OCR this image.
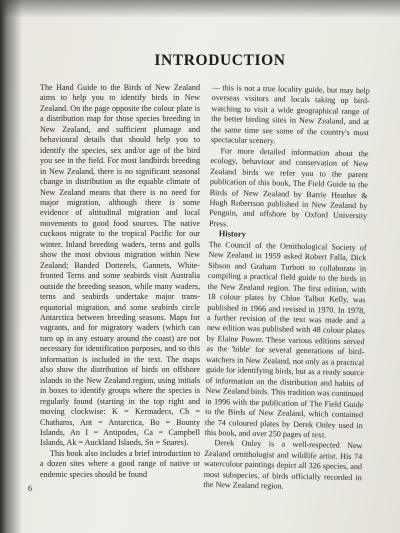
INTRODUCTION

The Hand Guide to the Birds of New Zealand aims to help you to identify birds in New Zealand. On the page opposite the colour plate is a distribution map for those species breeding in New Zealand, and sufficient plumage and behavioural details that should help you to identify the species, sex and/or age of the bird you see in the field. For most landbirds breeding in New Zealand, there is no significant seasonal change in distribution as the equable climate of New Zealand means that there is no need for major migration, although there is some evidence of altitudinal migration and local movements to good food sources. The native cuckoos migrate to the tropical Pacific for our winter. Inland breeding waders, terns and gulls show the most obvious migration within New Zealand; Banded Dotterels, Gannets, White-fronted Terns and some seabirds visit Australia outside the breeding season, while many waders, terns and seabirds undertake major trans-equatorial migration, and some seabirds circle Antarctica between breeding seasons. Maps for vagrants, and for migratory waders (which can turn up in any estuary around the coast) are not necessary for identification purposes, and so this information is included in the text. The maps also show the distribution of birds on offshore islands in the New Zealand region, using initials in boxes to identify groups where the species is regularly found (starting in the top right and moving clockwise: K = Kermadecs, Ch = Chathams, Ant = Antarctica, Bo = Bounty Islands, An I = Antipodes, Ca = Campbell Islands, Ak = Auckland Islands, Sn = Snares).

This book also includes a brief introduction to a dozen sites where a good range of native or endemic species should be found

— this is not a true locality guide, but may help overseas visitors and locals taking up bird-watching to visit a wide geographical range of the better birding sites in New Zealand, and at the same time see some of the country's most spectacular scenery.

For more detailed information about the ecology, behaviour and conservation of New Zealand birds we refer you to the parent publication of this book, The Field Guide to the Birds of New Zealand by Barrie Heather & Hugh Robertson published in New Zealand by Penguin, and offshore by Oxford University Press.

History

The Council of the Ornithological Society of New Zealand in 1959 asked Robert Falla, Dick Sibson and Graham Turbott to collaborate in compiling a practical field guide to the birds in the New Zealand region. The first edition, with 18 colour plates by Chloe Talbot Kelly, was published in 1966 and revised in 1970. In 1978, a further revision of the text was made and a new edition was published with 48 colour plates by Elaine Power. These various editions served as the 'bible' for several generations of bird-watchers in New Zealand, not only as a practical guide for identifying birds, but as a ready source of information on the distribution and habits of New Zealand birds. This tradition was continued in 1996 with the publication of The Field Guide to the Birds of New Zealand, which contained the 74 coloured plates by Derek Onley used in this book, and over 250 pages of text.

Derek Onley is a well-respected New Zealand ornithologist and wildlife artist. His 74 watercolour paintings depict all 326 species, and most subspecies, of birds officially recorded in the New Zealand region.

6
